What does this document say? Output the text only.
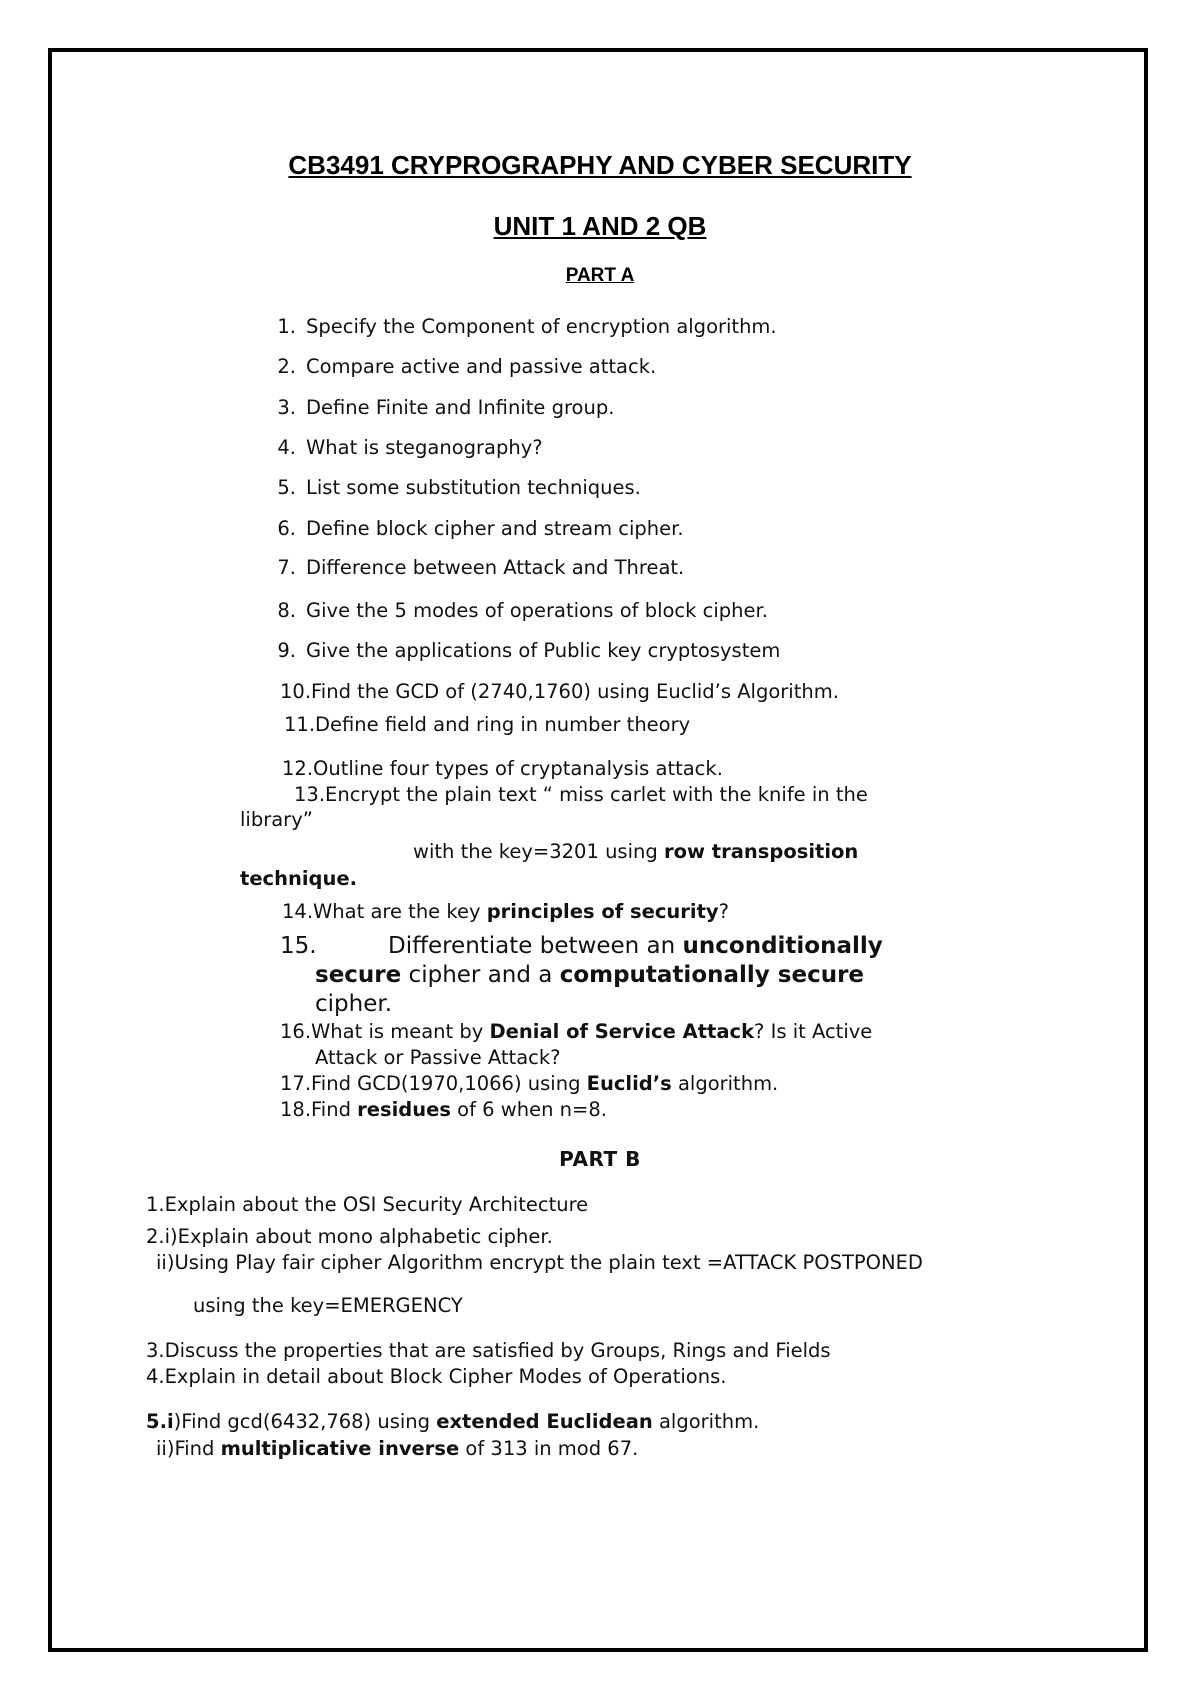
CB3491 CRYPROGRAPHY AND CYBER SECURITY
UNIT 1 AND 2 QB
PART A
1. Specify the Component of encryption algorithm.
2. Compare active and passive attack.
3. Define Finite and Infinite group.
4. What is steganography?
5. List some substitution techniques.
6. Define block cipher and stream cipher.
7. Difference between Attack and Threat.
8. Give the 5 modes of operations of block cipher.
9. Give the applications of Public key cryptosystem
10.Find the GCD of (2740,1760) using Euclid’s Algorithm.
11.Define field and ring in number theory
12.Outline four types of cryptanalysis attack.
13.Encrypt the plain text “ miss carlet with the knife in the
library”
with the key=3201 using row transposition
technique.
14.What are the key principles of security?
15.	Differentiate between an unconditionally
secure cipher and a computationally secure
cipher.
16.What is meant by Denial of Service Attack? Is it Active
Attack or Passive Attack?
17.Find GCD(1970,1066) using Euclid’s algorithm.
18.Find residues of 6 when n=8.
PART B
1.Explain about the OSI Security Architecture
2.i)Explain about mono alphabetic cipher.
ii)Using Play fair cipher Algorithm encrypt the plain text =ATTACK POSTPONED
using the key=EMERGENCY
3.Discuss the properties that are satisfied by Groups, Rings and Fields
4.Explain in detail about Block Cipher Modes of Operations.
5.i)Find gcd(6432,768) using extended Euclidean algorithm.
ii)Find multiplicative inverse of 313 in mod 67.
